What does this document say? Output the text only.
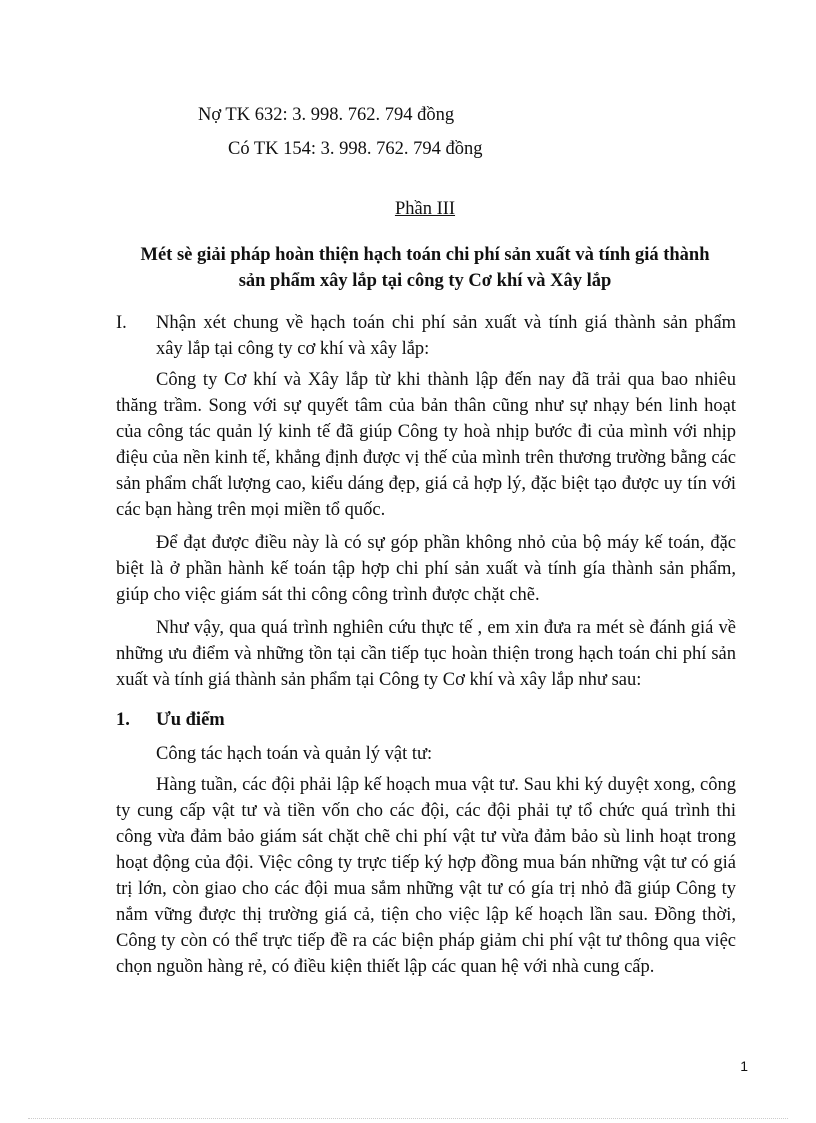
Nợ TK 632: 3. 998. 762. 794 đồng
Có TK 154: 3. 998. 762. 794 đồng
Phần III
Mét sè giải pháp hoàn thiện hạch toán chi phí sản xuất và tính giá thành
sản phẩm xây lắp tại công ty Cơ khí và Xây lắp
I. Nhận xét chung về hạch toán chi phí sản xuất và tính giá thành sản phẩm
xây lắp tại công ty cơ khí và xây lắp:
Công ty Cơ khí và Xây lắp từ khi thành lập đến nay đã trải qua bao nhiêu thăng trầm. Song với sự quyết tâm của bản thân cũng như sự nhạy bén linh hoạt của công tác quản lý kinh tế đã giúp Công ty hoà nhịp bước đi của mình với nhịp điệu của nền kinh tế, khẳng định được vị thế của mình trên thương trường bằng các sản phẩm chất lượng cao, kiểu dáng đẹp, giá cả hợp lý, đặc biệt tạo được uy tín với các bạn hàng trên mọi miền tổ quốc.
Để đạt được điều này là có sự góp phần không nhỏ của bộ máy kế toán, đặc biệt là ở phần hành kế toán tập hợp chi phí sản xuất và tính gía thành sản phẩm, giúp cho việc giám sát thi công công trình được chặt chẽ.
Như vậy, qua quá trình nghiên cứu thực tế , em xin đưa ra mét sè đánh giá về những ưu điểm và những tồn tại cần tiếp tục hoàn thiện trong hạch toán chi phí sản xuất và tính giá thành sản phẩm tại Công ty Cơ khí và xây lắp như sau:
1. Ưu điểm
Công tác hạch toán và quản lý vật tư:
Hàng tuần, các đội phải lập kế hoạch mua vật tư. Sau khi ký duyệt xong, công ty cung cấp vật tư và tiền vốn cho các đội, các đội phải tự tổ chức quá trình thi công vừa đảm bảo giám sát chặt chẽ chi phí vật tư vừa đảm bảo sù linh hoạt trong hoạt động của đội. Việc công ty trực tiếp ký hợp đồng mua bán những vật tư có giá trị lớn, còn giao cho các đội mua sắm những vật tư có gía trị nhỏ đã giúp Công ty nắm vững được thị trường giá cả, tiện cho việc lập kế hoạch lần sau. Đồng thời, Công ty còn có thể trực tiếp đề ra các biện pháp giảm chi phí vật tư thông qua việc chọn nguồn hàng rẻ, có điều kiện thiết lập các quan hệ với nhà cung cấp.
1
